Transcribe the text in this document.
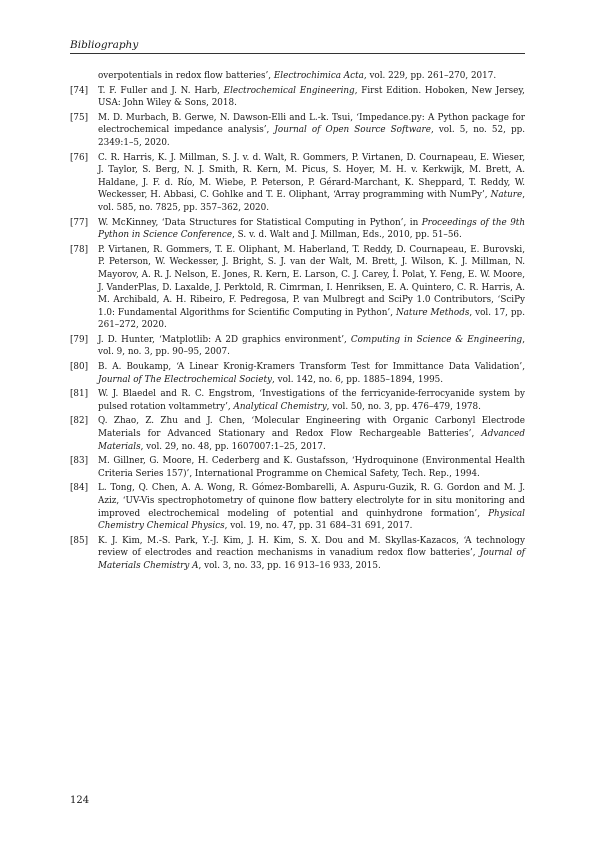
Bibliography
overpotentials in redox flow batteries’, Electrochimica Acta, vol. 229, pp. 261–270, 2017.
[74] T. F. Fuller and J. N. Harb, Electrochemical Engineering, First Edition. Hoboken, New Jersey, USA: John Wiley & Sons, 2018.
[75] M. D. Murbach, B. Gerwe, N. Dawson-Elli and L.-k. Tsui, ‘Impedance.py: A Python package for electrochemical impedance analysis’, Journal of Open Source Software, vol. 5, no. 52, pp. 2349:1–5, 2020.
[76] C. R. Harris, K. J. Millman, S. J. v. d. Walt, R. Gommers, P. Virtanen, D. Cournapeau, E. Wieser, J. Taylor, S. Berg, N. J. Smith, R. Kern, M. Picus, S. Hoyer, M. H. v. Kerkwijk, M. Brett, A. Haldane, J. F. d. Río, M. Wiebe, P. Peterson, P. Gérard-Marchant, K. Sheppard, T. Reddy, W. Weckesser, H. Abbasi, C. Gohlke and T. E. Oliphant, ‘Array programming with NumPy’, Nature, vol. 585, no. 7825, pp. 357–362, 2020.
[77] W. McKinney, ‘Data Structures for Statistical Computing in Python’, in Proceedings of the 9th Python in Science Conference, S. v. d. Walt and J. Millman, Eds., 2010, pp. 51–56.
[78] P. Virtanen, R. Gommers, T. E. Oliphant, M. Haberland, T. Reddy, D. Cournapeau, E. Burovski, P. Peterson, W. Weckesser, J. Bright, S. J. van der Walt, M. Brett, J. Wilson, K. J. Millman, N. Mayorov, A. R. J. Nelson, E. Jones, R. Kern, E. Larson, C. J. Carey, İ. Polat, Y. Feng, E. W. Moore, J. VanderPlas, D. Laxalde, J. Perktold, R. Cimrman, I. Henriksen, E. A. Quintero, C. R. Harris, A. M. Archibald, A. H. Ribeiro, F. Pedregosa, P. van Mulbregt and SciPy 1.0 Contributors, ‘SciPy 1.0: Fundamental Algorithms for Scientific Computing in Python’, Nature Methods, vol. 17, pp. 261–272, 2020.
[79] J. D. Hunter, ‘Matplotlib: A 2D graphics environment’, Computing in Science & Engineering, vol. 9, no. 3, pp. 90–95, 2007.
[80] B. A. Boukamp, ‘A Linear Kronig-Kramers Transform Test for Immittance Data Validation’, Journal of The Electrochemical Society, vol. 142, no. 6, pp. 1885–1894, 1995.
[81] W. J. Blaedel and R. C. Engstrom, ‘Investigations of the ferricyanide-ferrocyanide system by pulsed rotation voltammetry’, Analytical Chemistry, vol. 50, no. 3, pp. 476–479, 1978.
[82] Q. Zhao, Z. Zhu and J. Chen, ‘Molecular Engineering with Organic Carbonyl Electrode Materials for Advanced Stationary and Redox Flow Rechargeable Batteries’, Advanced Materials, vol. 29, no. 48, pp. 1607007:1–25, 2017.
[83] M. Gillner, G. Moore, H. Cederberg and K. Gustafsson, ‘Hydroquinone (Environmental Health Criteria Series 157)’, International Programme on Chemical Safety, Tech. Rep., 1994.
[84] L. Tong, Q. Chen, A. A. Wong, R. Gómez-Bombarelli, A. Aspuru-Guzik, R. G. Gordon and M. J. Aziz, ‘UV-Vis spectrophotometry of quinone flow battery electrolyte for in situ monitoring and improved electrochemical modeling of potential and quinhydrone formation’, Physical Chemistry Chemical Physics, vol. 19, no. 47, pp. 31 684–31 691, 2017.
[85] K. J. Kim, M.-S. Park, Y.-J. Kim, J. H. Kim, S. X. Dou and M. Skyllas-Kazacos, ‘A technology review of electrodes and reaction mechanisms in vanadium redox flow batteries’, Journal of Materials Chemistry A, vol. 3, no. 33, pp. 16 913–16 933, 2015.
124
